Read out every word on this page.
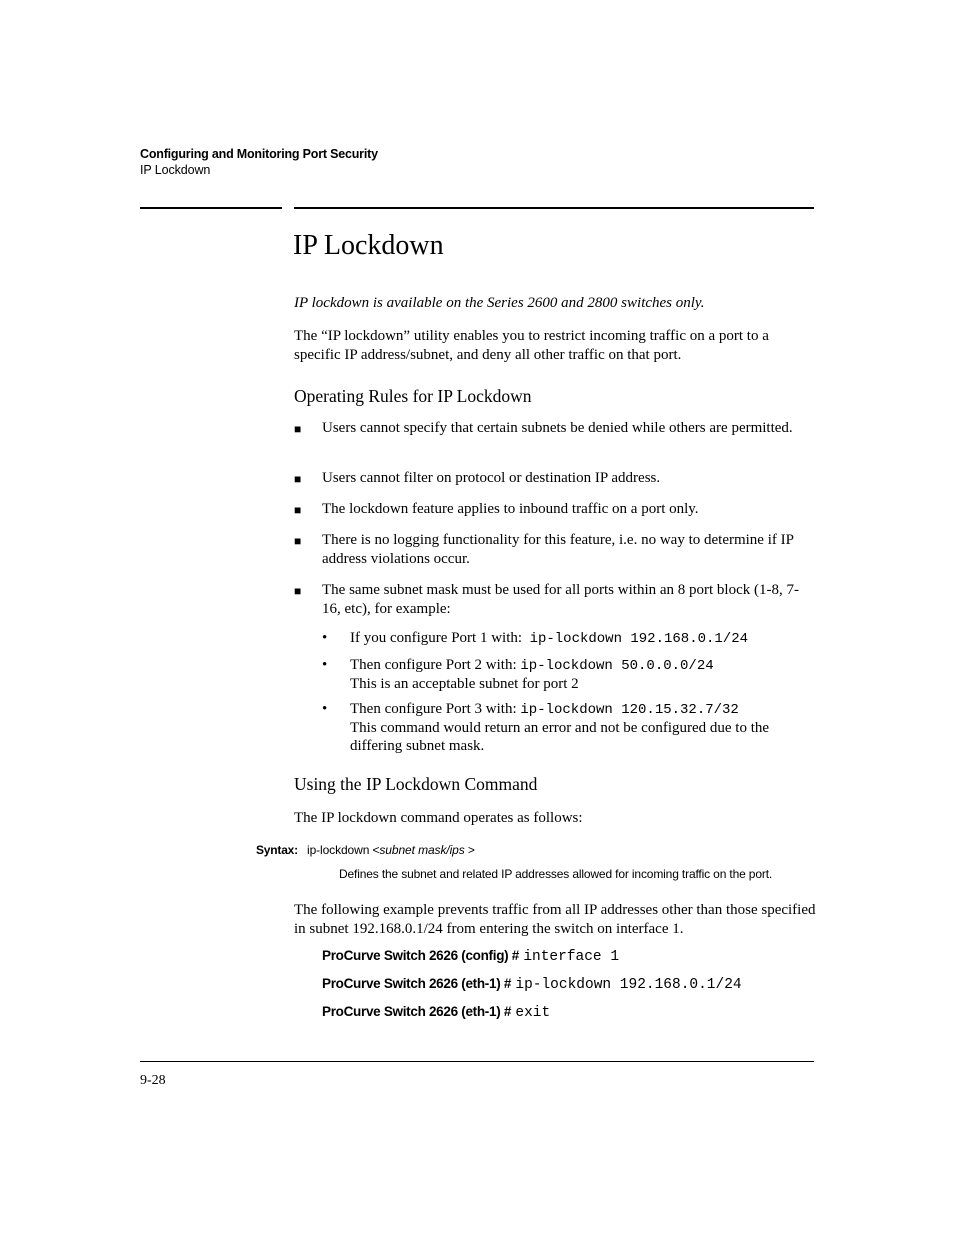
Configuring and Monitoring Port Security
IP Lockdown
IP Lockdown
IP lockdown is available on the Series 2600 and 2800 switches only.
The “IP lockdown” utility enables you to restrict incoming traffic on a port to a specific IP address/subnet, and deny all other traffic on that port.
Operating Rules for IP Lockdown
■ Users cannot specify that certain subnets be denied while others are permitted.
■ Users cannot filter on protocol or destination IP address.
■ The lockdown feature applies to inbound traffic on a port only.
■ There is no logging functionality for this feature, i.e. no way to determine if IP address violations occur.
■ The same subnet mask must be used for all ports within an 8 port block (1-8, 7-16, etc), for example:
• If you configure Port 1 with: ip-lockdown 192.168.0.1/24
• Then configure Port 2 with: ip-lockdown 50.0.0.0/24
This is an acceptable subnet for port 2
• Then configure Port 3 with: ip-lockdown 120.15.32.7/32
This command would return an error and not be configured due to the differing subnet mask.
Using the IP Lockdown Command
The IP lockdown command operates as follows:
Syntax: ip-lockdown <subnet mask/ips >
Defines the subnet and related IP addresses allowed for incoming traffic on the port.
The following example prevents traffic from all IP addresses other than those specified in subnet 192.168.0.1/24 from entering the switch on interface 1.
ProCurve Switch 2626 (config) # interface 1
ProCurve Switch 2626 (eth-1) # ip-lockdown 192.168.0.1/24
ProCurve Switch 2626 (eth-1) # exit
9-28
